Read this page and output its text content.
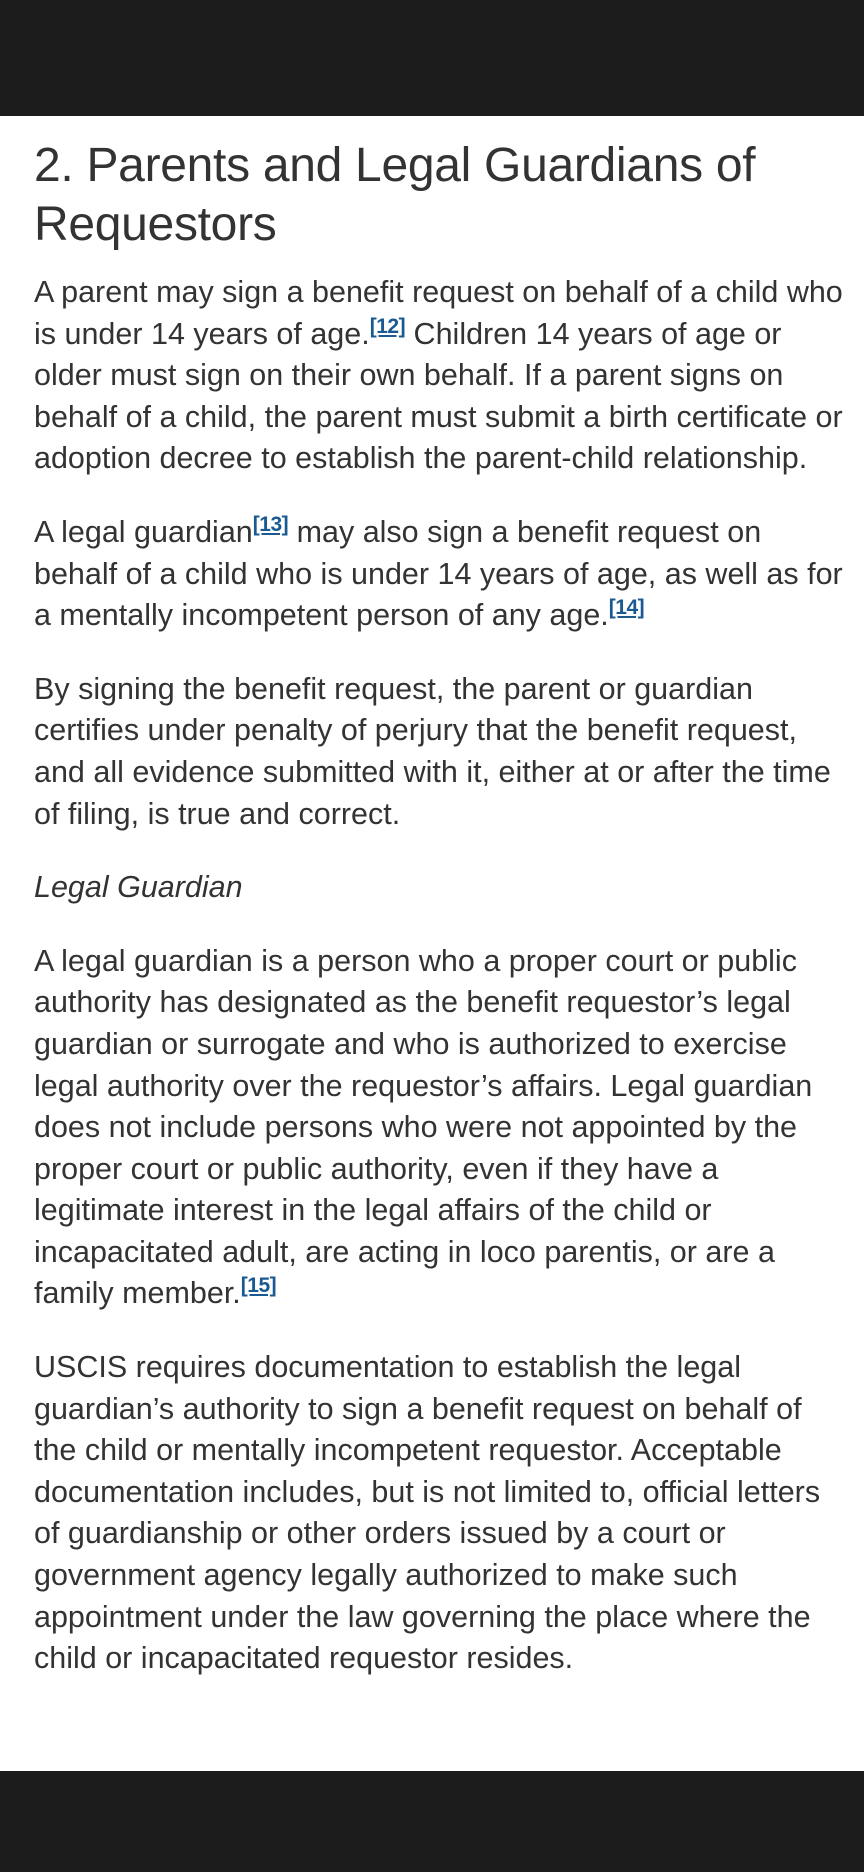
2. Parents and Legal Guardians of Requestors

A parent may sign a benefit request on behalf of a child who is under 14 years of age.[12] Children 14 years of age or older must sign on their own behalf. If a parent signs on behalf of a child, the parent must submit a birth certificate or adoption decree to establish the parent-child relationship.

A legal guardian[13] may also sign a benefit request on behalf of a child who is under 14 years of age, as well as for a mentally incompetent person of any age.[14]

By signing the benefit request, the parent or guardian certifies under penalty of perjury that the benefit request, and all evidence submitted with it, either at or after the time of filing, is true and correct.

Legal Guardian

A legal guardian is a person who a proper court or public authority has designated as the benefit requestor’s legal guardian or surrogate and who is authorized to exercise legal authority over the requestor’s affairs. Legal guardian does not include persons who were not appointed by the proper court or public authority, even if they have a legitimate interest in the legal affairs of the child or incapacitated adult, are acting in loco parentis, or are a family member.[15]

USCIS requires documentation to establish the legal guardian’s authority to sign a benefit request on behalf of the child or mentally incompetent requestor. Acceptable documentation includes, but is not limited to, official letters of guardianship or other orders issued by a court or government agency legally authorized to make such appointment under the law governing the place where the child or incapacitated requestor resides.
